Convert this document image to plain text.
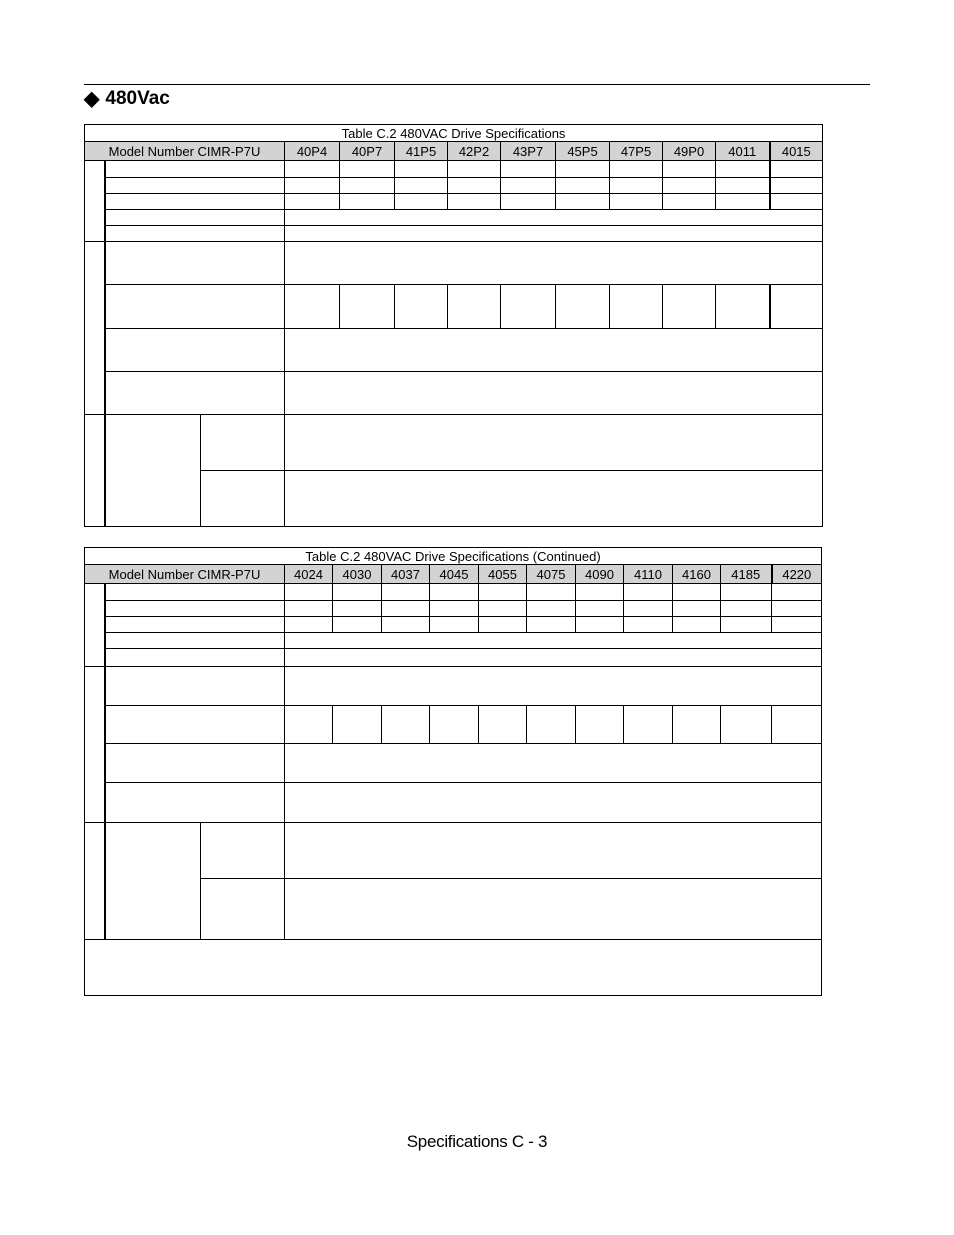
◆ 480Vac
Table C.2 480VAC Drive Specifications												
Model Number CIMR-P7U			40P4	40P7	41P5	42P2	43P7	45P5	47P5	49P0	4011	4015

Table C.2 480VAC Drive Specifications (Continued)													
Model Number CIMR-P7U			4024	4030	4037	4045	4055	4075	4090	4110	4160	4185	4220

Specifications C - 3
